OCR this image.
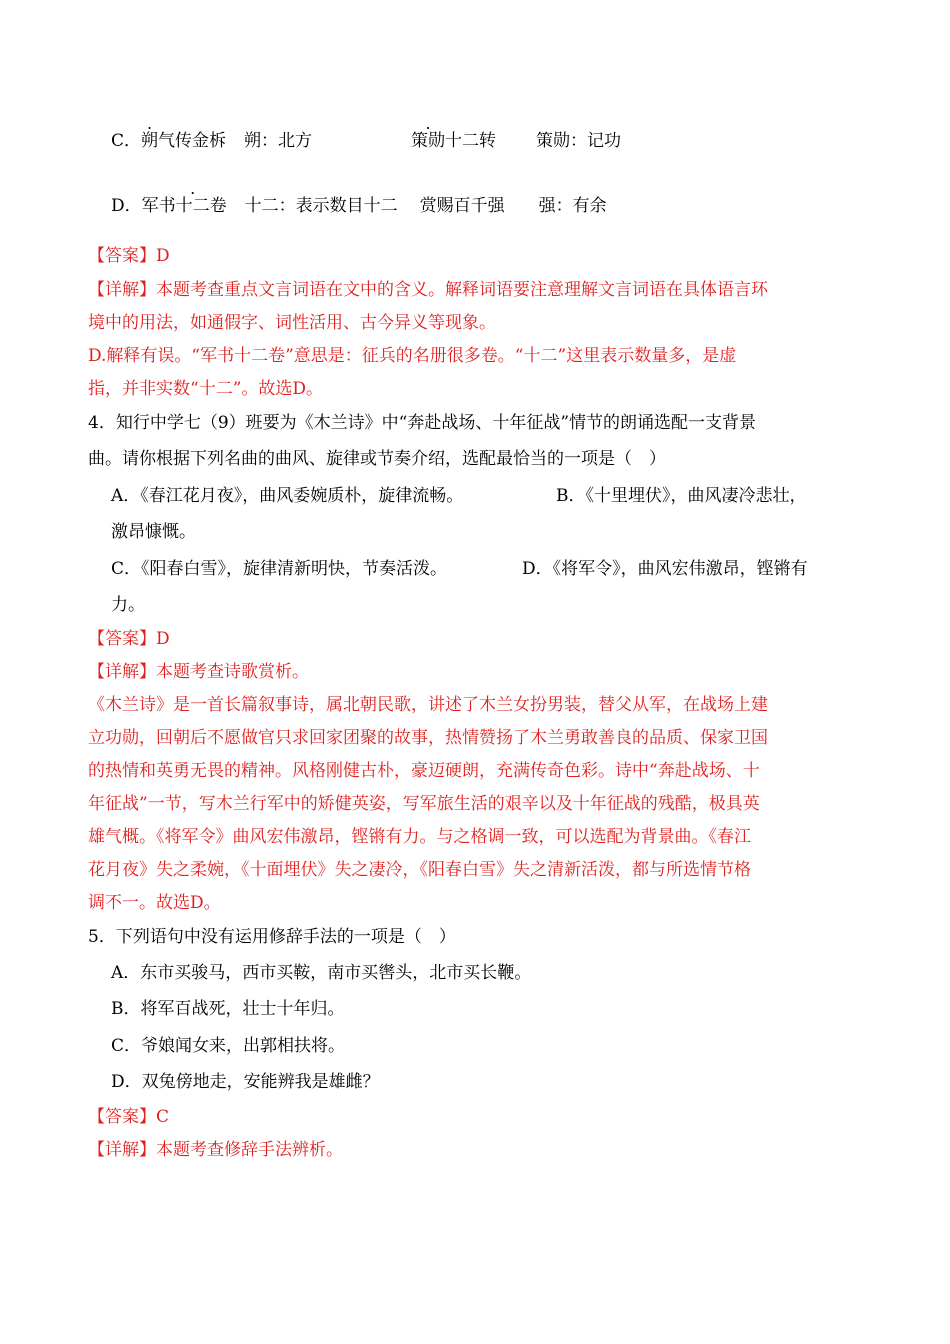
C．朔气传金柝 朔：北方	策勋十二转 策勋：记功
D．军书十二卷 十二：表示数目十二 赏赐百千强 强：有余
【答案】D
【详解】本题考查重点文言词语在文中的含义。解释词语要注意理解文言词语在具体语言环
境中的用法，如通假字、词性活用、古今异义等现象。
D.解释有误。“军书十二卷”意思是：征兵的名册很多卷。“十二”这里表示数量多，是虚
指，并非实数“十二”。故选D。
4．知行中学七（9）班要为《木兰诗》中“奔赴战场、十年征战”情节的朗诵选配一支背景
曲。请你根据下列名曲的曲风、旋律或节奏介绍，选配最恰当的一项是（　）
A．《春江花月夜》，曲风委婉质朴，旋律流畅。	B．《十里埋伏》，曲风凄冷悲壮，
激昂慷慨。
C．《阳春白雪》，旋律清新明快，节奏活泼。	D．《将军令》，曲风宏伟激昂，铿锵有
力。
【答案】D
【详解】本题考查诗歌赏析。
《木兰诗》是一首长篇叙事诗，属北朝民歌，讲述了木兰女扮男装，替父从军，在战场上建
立功勋，回朝后不愿做官只求回家团聚的故事，热情赞扬了木兰勇敢善良的品质、保家卫国
的热情和英勇无畏的精神。风格刚健古朴，豪迈硬朗，充满传奇色彩。诗中“奔赴战场、十
年征战”一节，写木兰行军中的矫健英姿，写军旅生活的艰辛以及十年征战的残酷，极具英
雄气概。《将军令》曲风宏伟激昂，铿锵有力。与之格调一致，可以选配为背景曲。《春江
花月夜》失之柔婉，《十面埋伏》失之凄冷，《阳春白雪》失之清新活泼，都与所选情节格
调不一。故选D。
5．下列语句中没有运用修辞手法的一项是（　）
A．东市买骏马，西市买鞍，南市买辔头，北市买长鞭。
B．将军百战死，壮士十年归。
C．爷娘闻女来，出郭相扶将。
D．双兔傍地走，安能辨我是雄雌？
【答案】C
【详解】本题考查修辞手法辨析。
